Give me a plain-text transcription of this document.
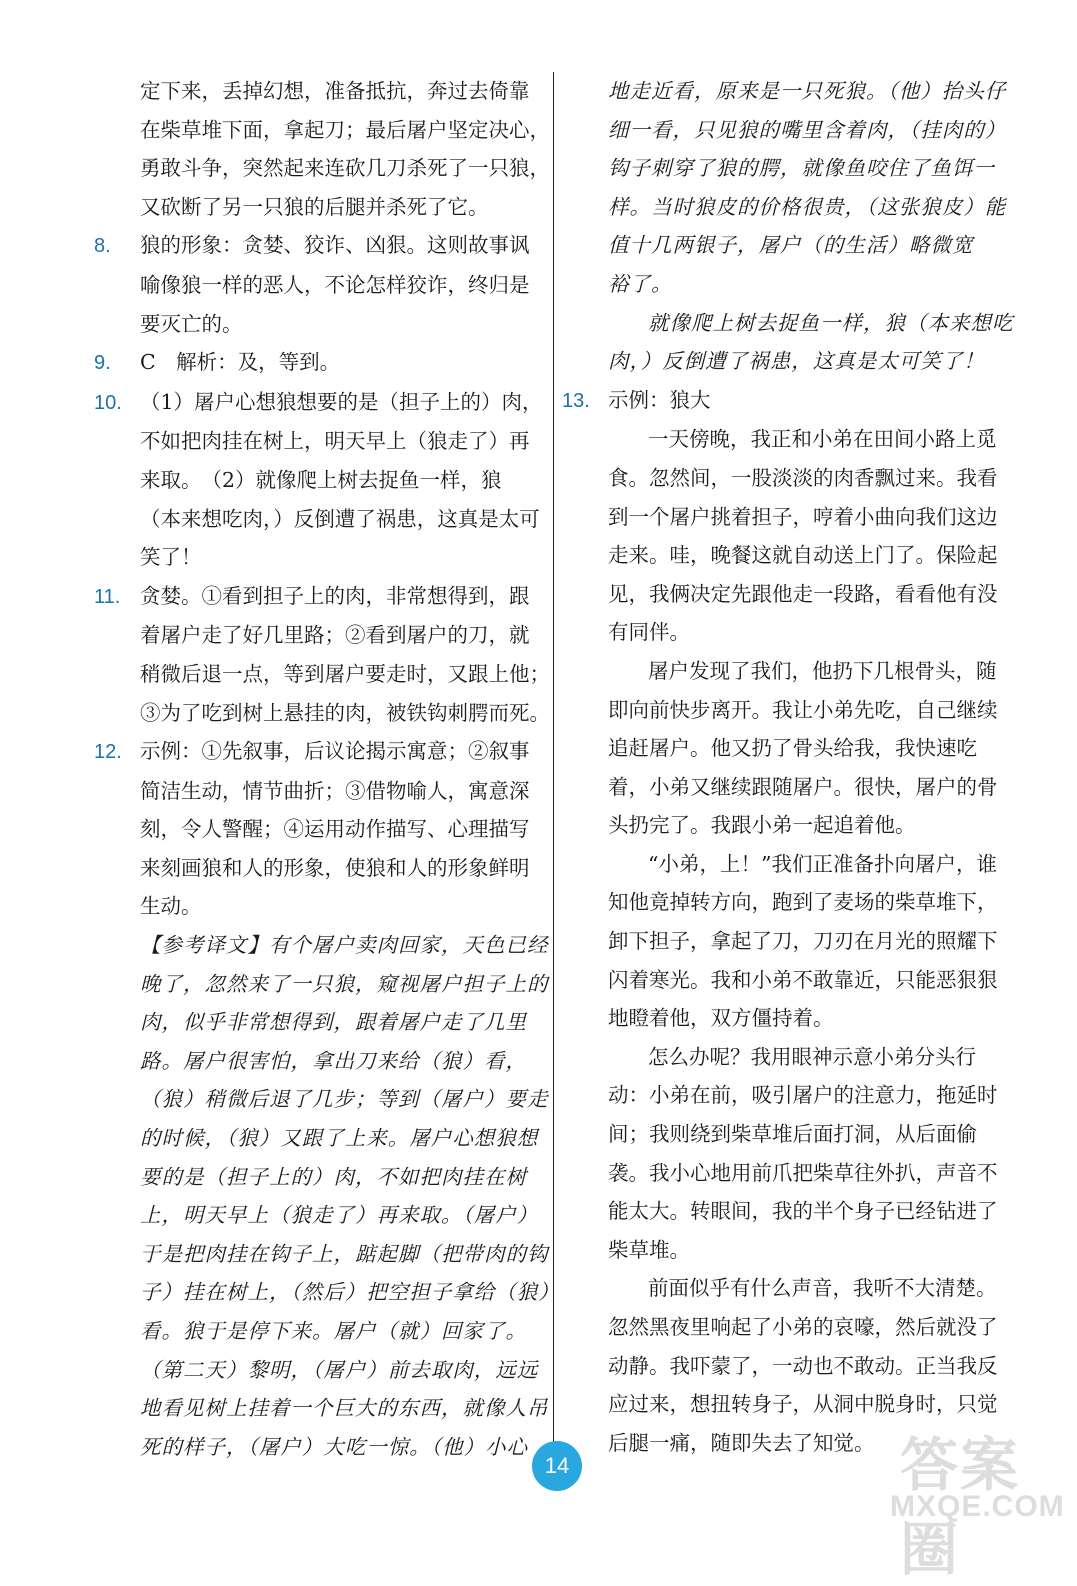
定下来，丢掉幻想，准备抵抗，奔过去倚靠
在柴草堆下面，拿起刀；最后屠户坚定决心，
勇敢斗争，突然起来连砍几刀杀死了一只狼，
又砍断了另一只狼的后腿并杀死了它。
8. 狼的形象：贪婪、狡诈、凶狠。这则故事讽
喻像狼一样的恶人，不论怎样狡诈，终归是
要灭亡的。
9. C　解析：及，等到。
10. （1）屠户心想狼想要的是（担子上的）肉，
不如把肉挂在树上，明天早上（狼走了）再
来取。　（2）就像爬上树去捉鱼一样，狼
（本来想吃肉，）反倒遭了祸患，这真是太可
笑了！
11. 贪婪。①看到担子上的肉，非常想得到，跟
着屠户走了好几里路；②看到屠户的刀，就
稍微后退一点，等到屠户要走时，又跟上他；
③为了吃到树上悬挂的肉，被铁钩刺腭而死。
12. 示例：①先叙事，后议论揭示寓意；②叙事
简洁生动，情节曲折；③借物喻人，寓意深
刻，令人警醒；④运用动作描写、心理描写
来刻画狼和人的形象，使狼和人的形象鲜明
生动。
【参考译文】有个屠户卖肉回家，天色已经
晚了，忽然来了一只狼，窥视屠户担子上的
肉，似乎非常想得到，跟着屠户走了几里
路。屠户很害怕，拿出刀来给（狼）看，
（狼）稍微后退了几步；等到（屠户）要走
的时候，（狼）又跟了上来。屠户心想狼想
要的是（担子上的）肉，不如把肉挂在树
上，明天早上（狼走了）再来取。（屠户）
于是把肉挂在钩子上，踮起脚（把带肉的钩
子）挂在树上，（然后）把空担子拿给（狼）
看。狼于是停下来。屠户（就）回家了。
（第二天）黎明，（屠户）前去取肉，远远
地看见树上挂着一个巨大的东西，就像人吊
死的样子，（屠户）大吃一惊。（他）小心
地走近看，原来是一只死狼。（他）抬头仔
细一看，只见狼的嘴里含着肉，（挂肉的）
钩子刺穿了狼的腭，就像鱼咬住了鱼饵一
样。当时狼皮的价格很贵，（这张狼皮）能
值十几两银子，屠户（的生活）略微宽
裕了。
就像爬上树去捉鱼一样，狼（本来想吃
肉，）反倒遭了祸患，这真是太可笑了！
13. 示例：狼大
一天傍晚，我正和小弟在田间小路上觅
食。忽然间，一股淡淡的肉香飘过来。我看
到一个屠户挑着担子，哼着小曲向我们这边
走来。哇，晚餐这就自动送上门了。保险起
见，我俩决定先跟他走一段路，看看他有没
有同伴。
屠户发现了我们，他扔下几根骨头，随
即向前快步离开。我让小弟先吃，自己继续
追赶屠户。他又扔了骨头给我，我快速吃
着，小弟又继续跟随屠户。很快，屠户的骨
头扔完了。我跟小弟一起追着他。
“小弟，上！”我们正准备扑向屠户，谁
知他竟掉转方向，跑到了麦场的柴草堆下，
卸下担子，拿起了刀，刀刃在月光的照耀下
闪着寒光。我和小弟不敢靠近，只能恶狠狠
地瞪着他，双方僵持着。
怎么办呢？我用眼神示意小弟分头行
动：小弟在前，吸引屠户的注意力，拖延时
间；我则绕到柴草堆后面打洞，从后面偷
袭。我小心地用前爪把柴草往外扒，声音不
能太大。转眼间，我的半个身子已经钻进了
柴草堆。
前面似乎有什么声音，我听不大清楚。
忽然黑夜里响起了小弟的哀嚎，然后就没了
动静。我吓蒙了，一动也不敢动。正当我反
应过来，想扭转身子，从洞中脱身时，只觉
后腿一痛，随即失去了知觉。
14	答案圈
MXQE.COM
